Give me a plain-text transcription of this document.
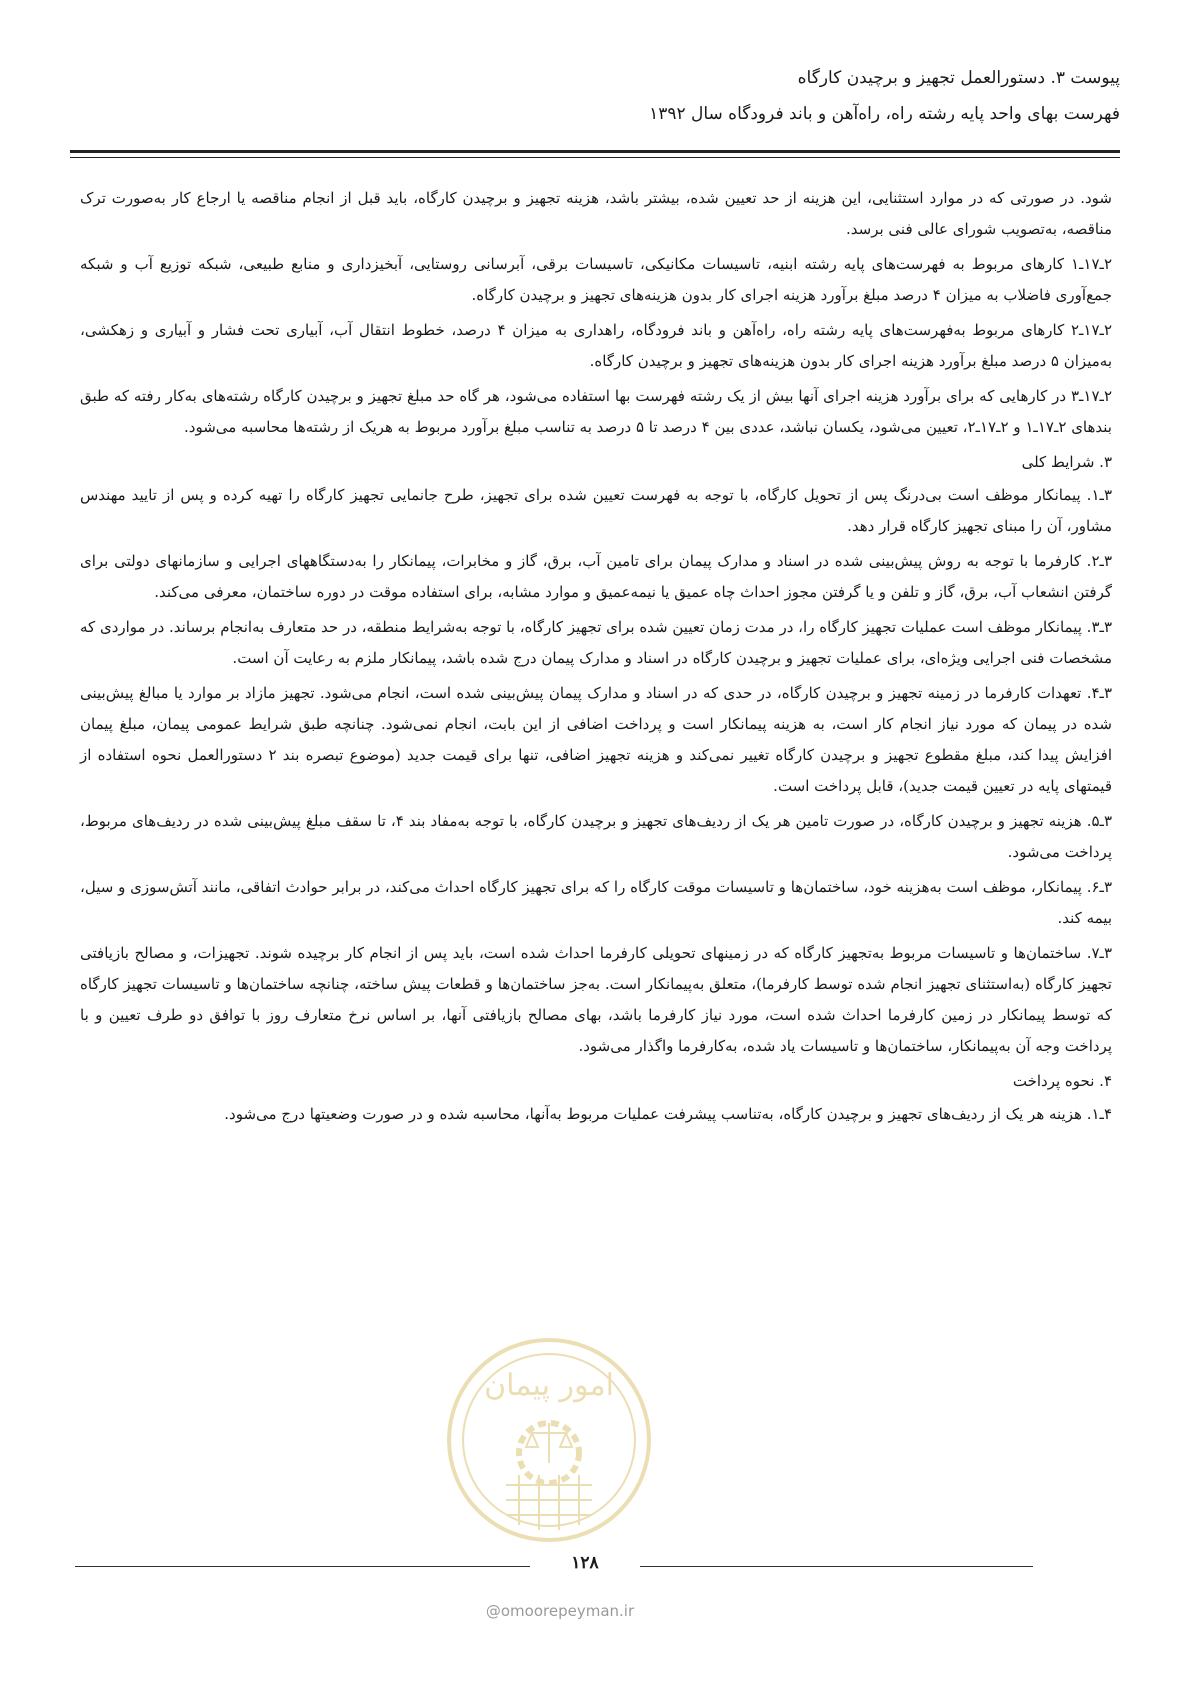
پیوست ۳. دستورالعمل تجهیز و برچیدن کارگاه
فهرست بهای واحد پایه رشته راه، راه‌آهن و باند فرودگاه سال ۱۳۹۲

شود. در صورتی که در موارد استثنایی، این هزینه از حد تعیین شده، بیشتر باشد، هزینه تجهیز و برچیدن کارگاه، باید قبل از انجام مناقصه یا ارجاع کار به‌صورت ترک مناقصه، به‌تصویب شورای عالی فنی برسد.

۲ـ۱۷ـ۱ کارهای مربوط به فهرست‌های پایه رشته ابنیه، تاسیسات مکانیکی، تاسیسات برقی، آبرسانی روستایی، آبخیزداری و منابع طبیعی، شبکه توزیع آب و شبکه جمع‌آوری فاضلاب به میزان ۴ درصد مبلغ برآورد هزینه اجرای کار بدون هزینه‌های تجهیز و برچیدن کارگاه.

۲ـ۱۷ـ۲ کارهای مربوط به‌فهرست‌های پایه رشته راه، راه‌آهن و باند فرودگاه، راهداری به میزان ۴ درصد، خطوط انتقال آب، آبیاری تحت فشار و آبیاری و زهکشی، به‌میزان ۵ درصد مبلغ برآورد هزینه اجرای کار بدون هزینه‌های تجهیز و برچیدن کارگاه.

۲ـ۱۷ـ۳ در کارهایی که برای برآورد هزینه اجرای آنها بیش از یک رشته فهرست بها استفاده می‌شود، هر گاه حد مبلغ تجهیز و برچیدن کارگاه رشته‌های به‌کار رفته که طبق بندهای ۲ـ۱۷ـ۱ و ۲ـ۱۷ـ۲، تعیین می‌شود، یکسان نباشد، عددی بین ۴ درصد تا ۵ درصد به تناسب مبلغ برآورد مربوط به هریک از رشته‌ها محاسبه می‌شود.

۳. شرایط کلی

۳ـ۱. پیمانکار موظف است بی‌درنگ پس از تحویل کارگاه، با توجه به فهرست تعیین شده برای تجهیز، طرح جانمایی تجهیز کارگاه را تهیه کرده و پس از تایید مهندس مشاور، آن را مبنای تجهیز کارگاه قرار دهد.

۳ـ۲. کارفرما با توجه به روش پیش‌بینی شده در اسناد و مدارک پیمان برای تامین آب، برق، گاز و مخابرات، پیمانکار را به‌دستگاههای اجرایی و سازمانهای دولتی برای گرفتن انشعاب آب، برق، گاز و تلفن و یا گرفتن مجوز احداث چاه عمیق یا نیمه‌عمیق و موارد مشابه، برای استفاده موقت در دوره ساختمان، معرفی می‌کند.

۳ـ۳. پیمانکار موظف است عملیات تجهیز کارگاه را، در مدت زمان تعیین شده برای تجهیز کارگاه، با توجه به‌شرایط منطقه، در حد متعارف به‌انجام برساند. در مواردی که مشخصات فنی اجرایی ویژه‌ای، برای عملیات تجهیز و برچیدن کارگاه در اسناد و مدارک پیمان درج شده باشد، پیمانکار ملزم به رعایت آن است.

۳ـ۴. تعهدات کارفرما در زمینه تجهیز و برچیدن کارگاه، در حدی که در اسناد و مدارک پیمان پیش‌بینی شده است، انجام می‌شود. تجهیز مازاد بر موارد یا مبالغ پیش‌بینی شده در پیمان که مورد نیاز انجام کار است، به هزینه پیمانکار است و پرداخت اضافی از این بابت، انجام نمی‌شود. چنانچه طبق شرایط عمومی پیمان، مبلغ پیمان افزایش پیدا کند، مبلغ مقطوع تجهیز و برچیدن کارگاه تغییر نمی‌کند و هزینه تجهیز اضافی، تنها برای قیمت جدید (موضوع تبصره بند ۲ دستورالعمل نحوه استفاده از قیمتهای پایه در تعیین قیمت جدید)، قابل پرداخت است.

۳ـ۵. هزینه تجهیز و برچیدن کارگاه، در صورت تامین هر یک از ردیف‌های تجهیز و برچیدن کارگاه، با توجه به‌مفاد بند ۴، تا سقف مبلغ پیش‌بینی شده در ردیف‌های مربوط، پرداخت می‌شود.

۳ـ۶. پیمانکار، موظف است به‌هزینه خود، ساختمان‌ها و تاسیسات موقت کارگاه را که برای تجهیز کارگاه احداث می‌کند، در برابر حوادث اتفاقی، مانند آتش‌سوزی و سیل، بیمه کند.

۳ـ۷. ساختمان‌ها و تاسیسات مربوط به‌تجهیز کارگاه که در زمینهای تحویلی کارفرما احداث شده است، باید پس از انجام کار برچیده شوند. تجهیزات، و مصالح بازیافتی تجهیز کارگاه (به‌استثنای تجهیز انجام شده توسط کارفرما)، متعلق به‌پیمانکار است. به‌جز ساختمان‌ها و قطعات پیش ساخته، چنانچه ساختمان‌ها و تاسیسات تجهیز کارگاه که توسط پیمانکار در زمین کارفرما احداث شده است، مورد نیاز کارفرما باشد، بهای مصالح بازیافتی آنها، بر اساس نرخ متعارف روز با توافق دو طرف تعیین و با پرداخت وجه آن به‌پیمانکار، ساختمان‌ها و تاسیسات یاد شده، به‌کارفرما واگذار می‌شود.

۴. نحوه پرداخت

۴ـ۱. هزینه هر یک از ردیف‌های تجهیز و برچیدن کارگاه، به‌تناسب پیشرفت عملیات مربوط به‌آنها، محاسبه شده و در صورت وضعیتها درج می‌شود.

امور پیمان
۱۲۸
@omoorepeyman.ir
